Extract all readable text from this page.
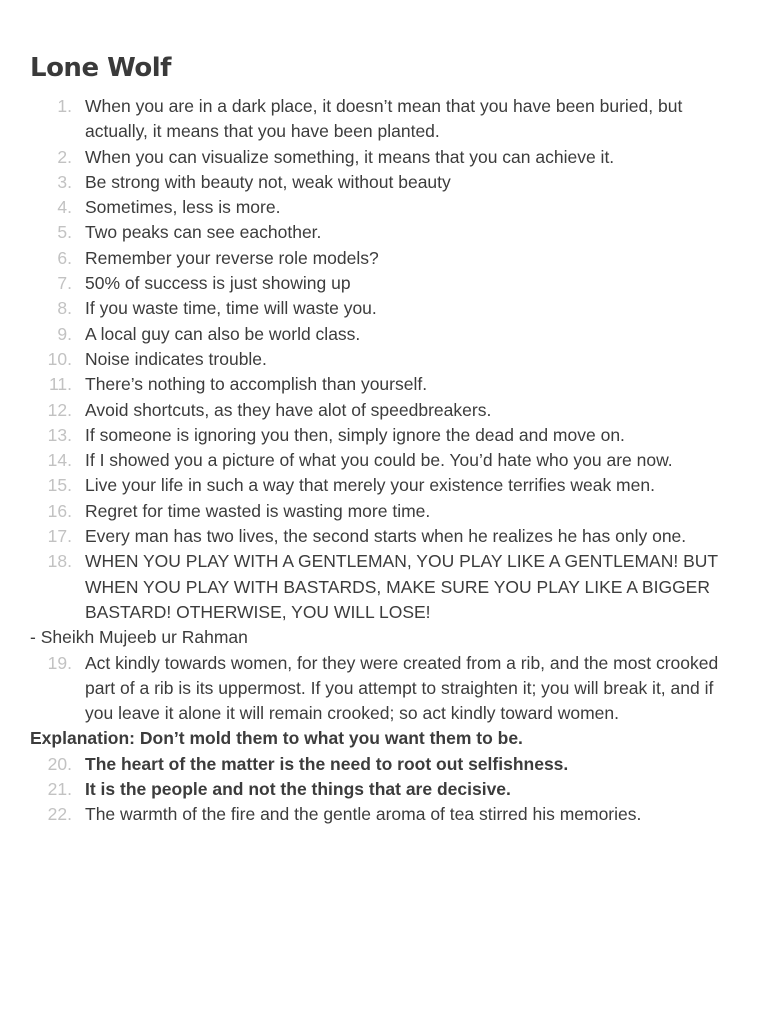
Lone Wolf
1. When you are in a dark place, it doesn’t mean that you have been buried, but actually, it means that you have been planted.
2. When you can visualize something, it means that you can achieve it.
3. Be strong with beauty not, weak without beauty
4. Sometimes, less is more.
5. Two peaks can see eachother.
6. Remember your reverse role models?
7. 50% of success is just showing up
8. If you waste time, time will waste you.
9. A local guy can also be world class.
10. Noise indicates trouble.
11. There’s nothing to accomplish than yourself.
12. Avoid shortcuts, as they have alot of speedbreakers.
13. If someone is ignoring you then, simply ignore the dead and move on.
14. If I showed you a picture of what you could be. You’d hate who you are now.
15. Live your life in such a way that merely your existence terrifies weak men.
16. Regret for time wasted is wasting more time.
17. Every man has two lives, the second starts when he realizes he has only one.
18. WHEN YOU PLAY WITH A GENTLEMAN, YOU PLAY LIKE A GENTLEMAN! BUT WHEN YOU PLAY WITH BASTARDS, MAKE SURE YOU PLAY LIKE A BIGGER BASTARD! OTHERWISE, YOU WILL LOSE!

- Sheikh Mujeeb ur Rahman

19. Act kindly towards women, for they were created from a rib, and the most crooked part of a rib is its uppermost. If you attempt to straighten it; you will break it, and if you leave it alone it will remain crooked; so act kindly toward women.

Explanation: Don’t mold them to what you want them to be.

20. The heart of the matter is the need to root out selfishness.
21. It is the people and not the things that are decisive.
22. The warmth of the fire and the gentle aroma of tea stirred his memories.
